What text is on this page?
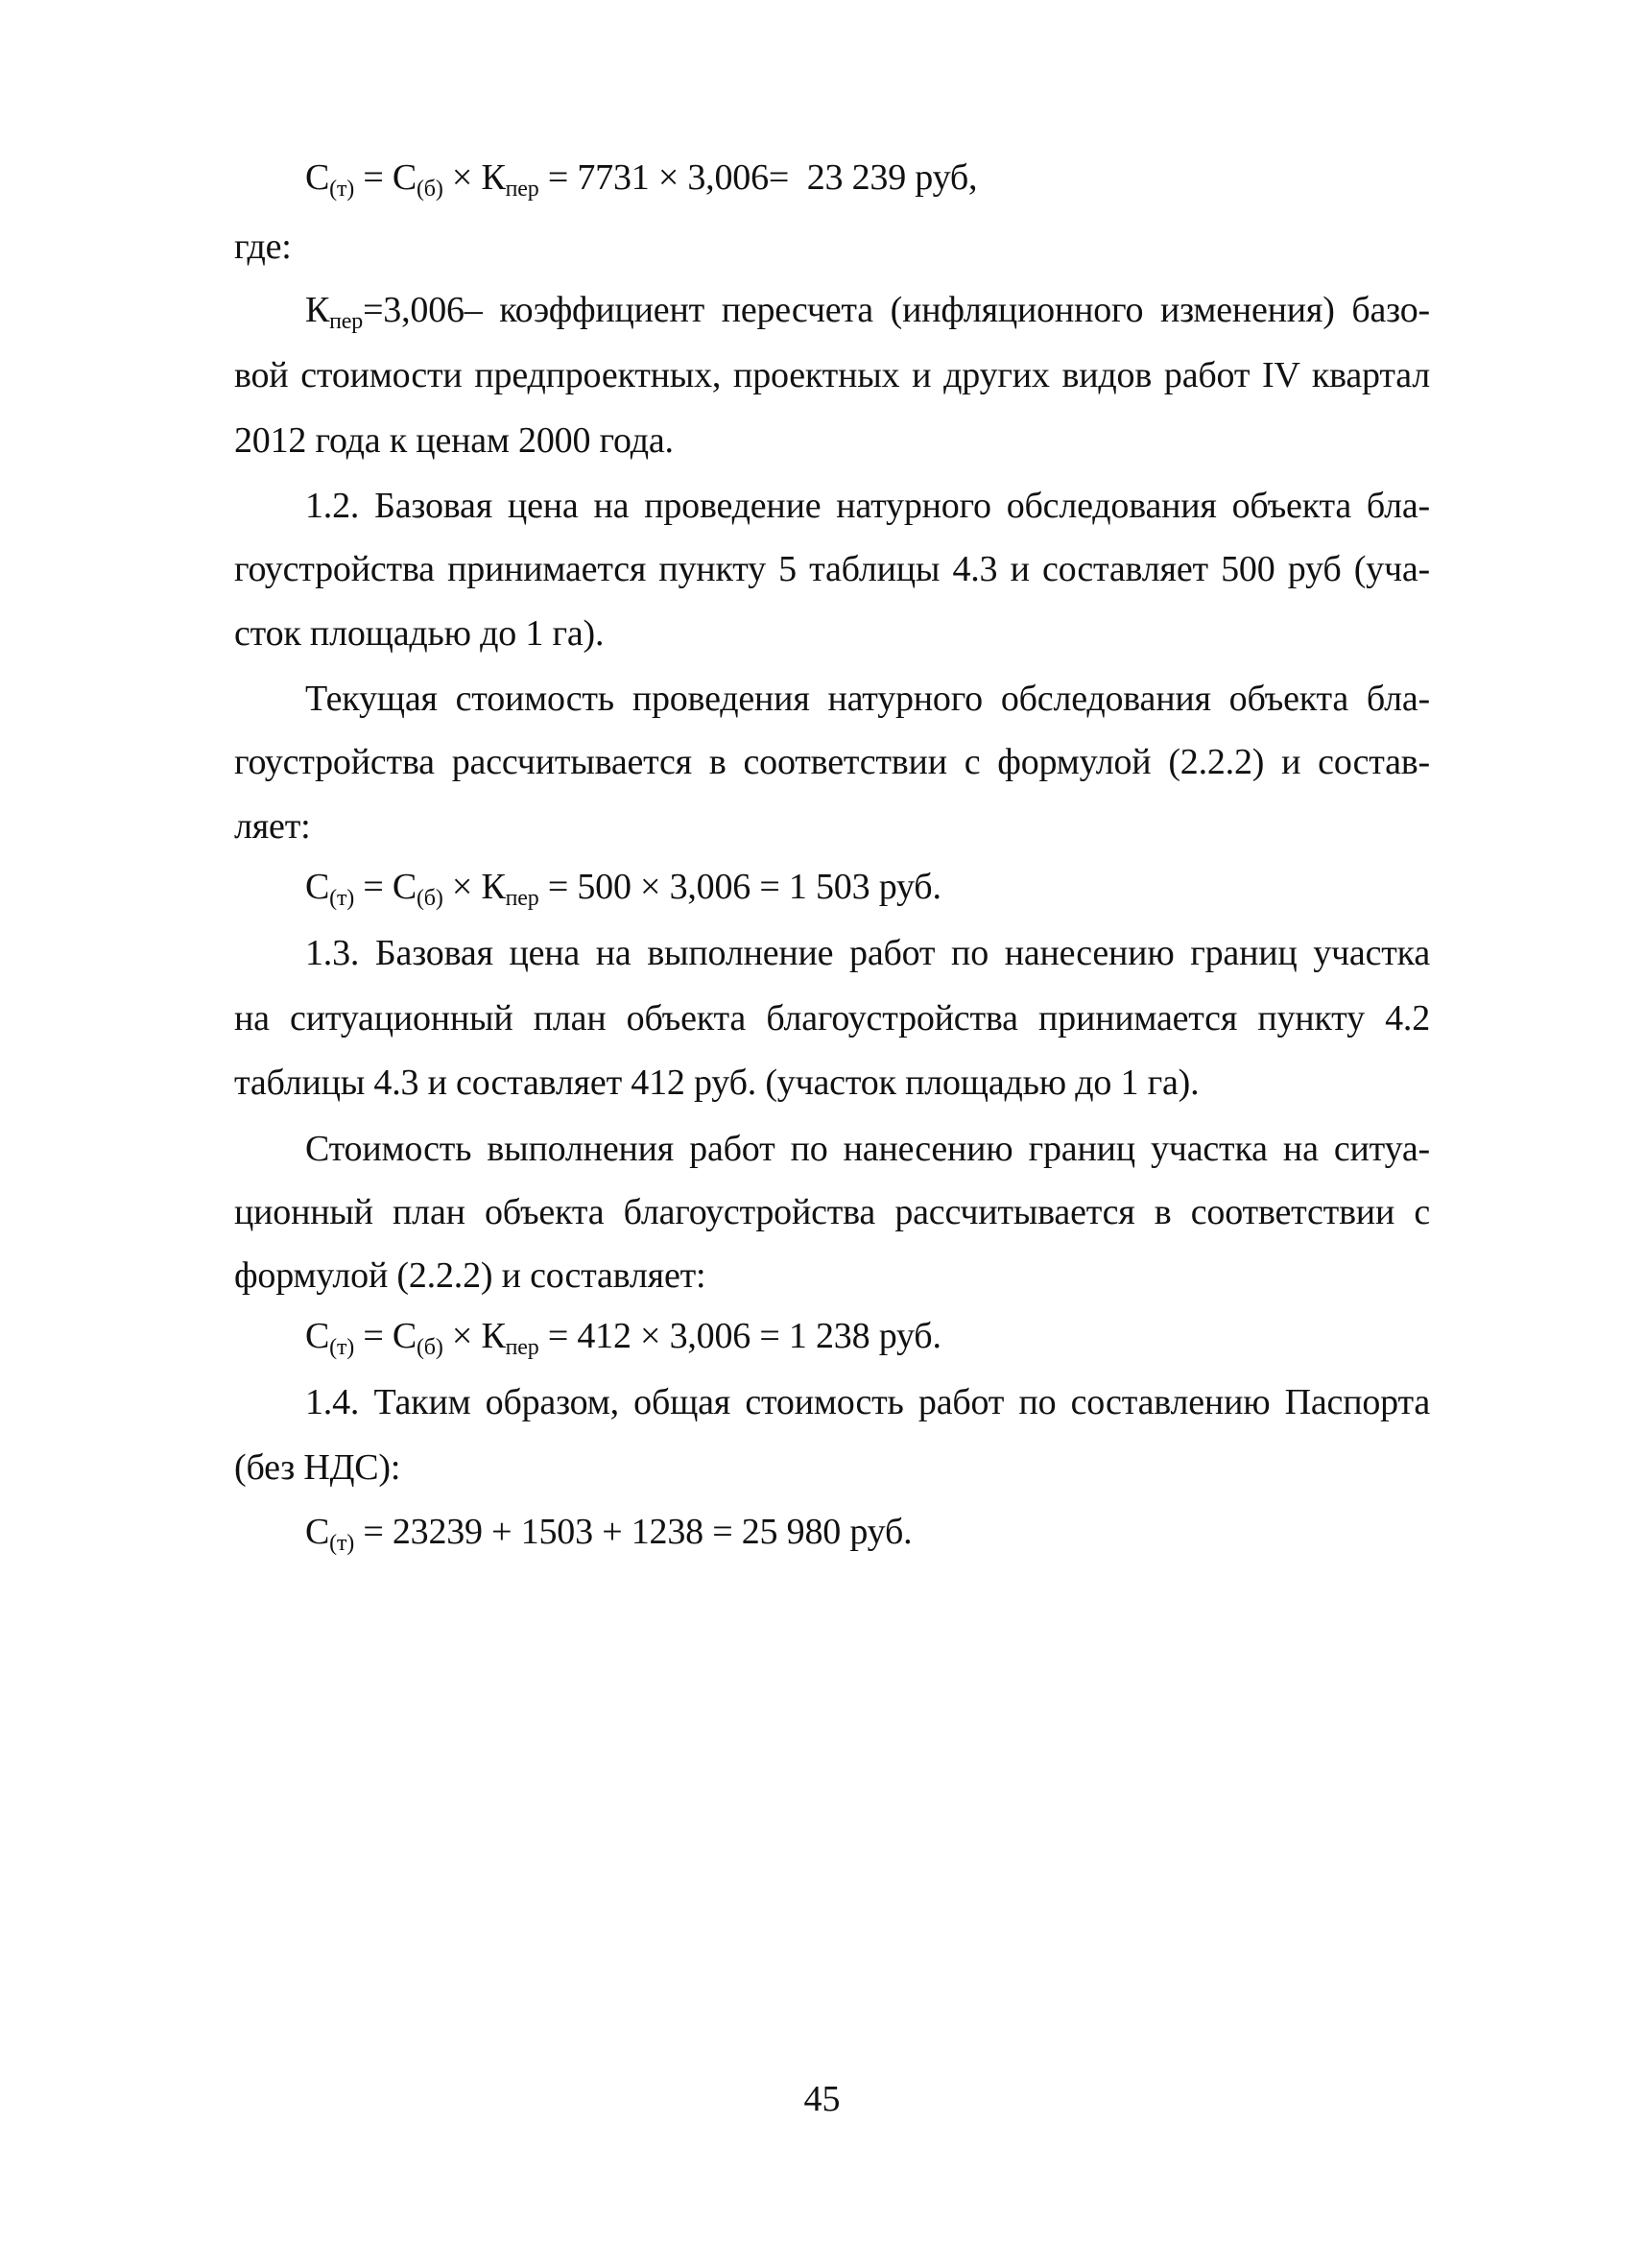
$С_{(т)} = С_{(б)} \times К_{пер} = 7731 \times 3,006= 23$ 239 руб,
где:
$К_{пер}=3,006-$ коэффициент пересчета (инфляционного изменения) базо-
вой стоимости предпроектных, проектных и других видов работ IV квартал
2012 года к ценам 2000 года.
1.2. Базовая цена на проведение натурного обследования объекта бла-
гоустройства принимается пункту 5 таблицы 4.3 и составляет 500 руб (уча-
сток площадью до 1 га).
Текущая стоимость проведения натурного обследования объекта бла-
гоустройства рассчитывается в соответствии с формулой (2.2.2) и состав-
ляет:
$С_{(т)} = С_{(б)} \times К_{пер} = 500 \times 3,006 = 1$ 503 руб.
1.3. Базовая цена на выполнение работ по нанесению границ участка
на ситуационный план объекта благоустройства принимается пункту 4.2
таблицы 4.3 и составляет 412 руб. (участок площадью до 1 га).
Стоимость выполнения работ по нанесению границ участка на ситуа-
ционный план объекта благоустройства рассчитывается в соответствии с
формулой (2.2.2) и составляет:
$С_{(т)} = С_{(б)} \times К_{пер} = 412 \times 3,006 = 1$ 238 руб.
1.4. Таким образом, общая стоимость работ по составлению Паспорта
(без НДС):
$С_{(т)} = 23239 + 1503 + 1238 = 25$ 980 руб.
45
